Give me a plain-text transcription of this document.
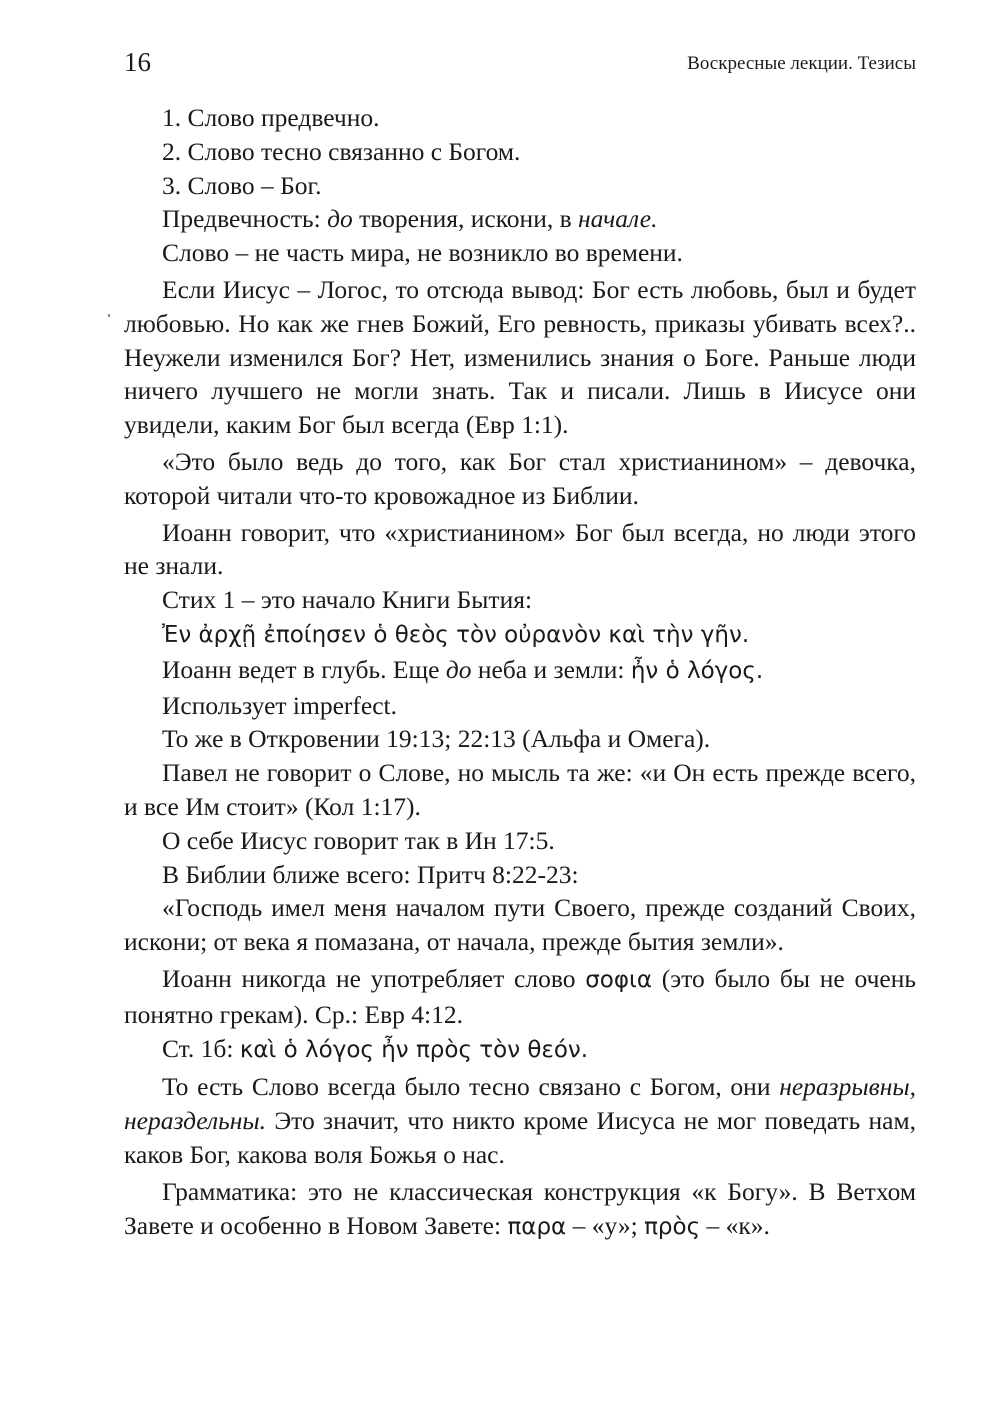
16	Воскресные лекции. Тезисы

1. Слово предвечно.

2. Слово тесно связанно с Богом.

3. Слово – Бог.

Предвечность: до творения, искони, в начале.

Слово – не часть мира, не возникло во времени.

Если Иисус – Логос, то отсюда вывод: Бог есть любовь, был и будет любовью. Но как же гнев Божий, Его ревность, приказы убивать всех?.. Неужели изменился Бог? Нет, изменились знания о Боге. Раньше люди ничего лучшего не могли знать. Так и писали. Лишь в Иисусе они увидели, каким Бог был всегда (Евр 1:1).

«Это было ведь до того, как Бог стал христианином» – девочка, которой читали что-то кровожадное из Библии.

Иоанн говорит, что «христианином» Бог был всегда, но люди этого не знали.

Стих 1 – это начало Книги Бытия:

Ἐν ἀρχῇ ἐποίησεν ὁ θεὸς τὸν οὐρανὸν καὶ τὴν γῆν.

Иоанн ведет в глубь. Еще до неба и земли: ἦν ὁ λόγος.

Использует imperfect.

То же в Откровении 19:13; 22:13 (Альфа и Омега).

Павел не говорит о Слове, но мысль та же: «и Он есть прежде всего, и все Им стоит» (Кол 1:17).

О себе Иисус говорит так в Ин 17:5.

В Библии ближе всего: Притч 8:22-23:

«Господь имел меня началом пути Своего, прежде созданий Своих, искони; от века я помазана, от начала, прежде бытия земли».

Иоанн никогда не употребляет слово σοφια (это было бы не очень понятно грекам). Ср.: Евр 4:12.

Ст. 1б: καὶ ὁ λόγος ἦν πρὸς τὸν θεόν.

То есть Слово всегда было тесно связано с Богом, они неразрывны, нераздельны. Это значит, что никто кроме Иисуса не мог поведать нам, каков Бог, какова воля Божья о нас.

Грамматика: это не классическая конструкция «к Богу». В Ветхом Завете и особенно в Новом Завете: παρα – «у»; πρὸς – «к».
